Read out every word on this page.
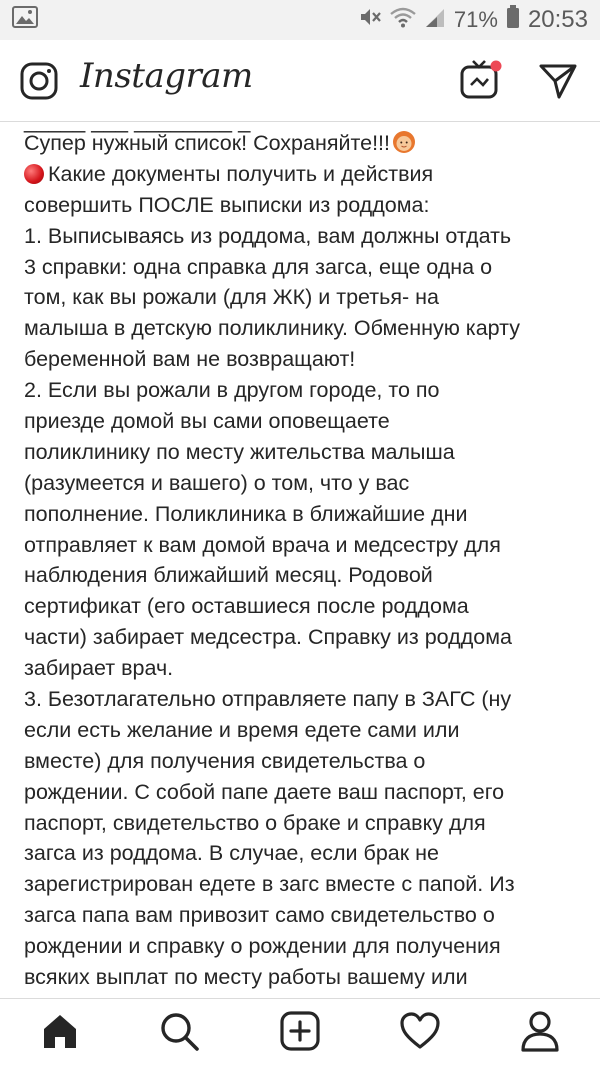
71% 20:53
Instagram
_____ ___ ________ _
Супер нужный список! Сохраняйте!!!
Какие документы получить и действия
совершить ПОСЛЕ выписки из роддома:
1. Выписываясь из роддома, вам должны отдать
3 справки: одна справка для загса, еще одна о
том, как вы рожали (для ЖК) и третья- на
малыша в детскую поликлинику. Обменную карту
беременной вам не возвращают!
2. Если вы рожали в другом городе, то по
приезде домой вы сами оповещаете
поликлинику по месту жительства малыша
(разумеется и вашего) о том, что у вас
пополнение. Поликлиника в ближайшие дни
отправляет к вам домой врача и медсестру для
наблюдения ближайший месяц. Родовой
сертификат (его оставшиеся после роддома
части) забирает медсестра. Справку из роддома
забирает врач.
3. Безотлагательно отправляете папу в ЗАГС (ну
если есть желание и время едете сами или
вместе) для получения свидетельства о
рождении. С собой папе даете ваш паспорт, его
паспорт, свидетельство о браке и справку для
загса из роддома. В случае, если брак не
зарегистрирован едете в загс вместе с папой. Из
загса папа вам привозит само свидетельство о
рождении и справку о рождении для получения
всяких выплат по месту работы вашему или
